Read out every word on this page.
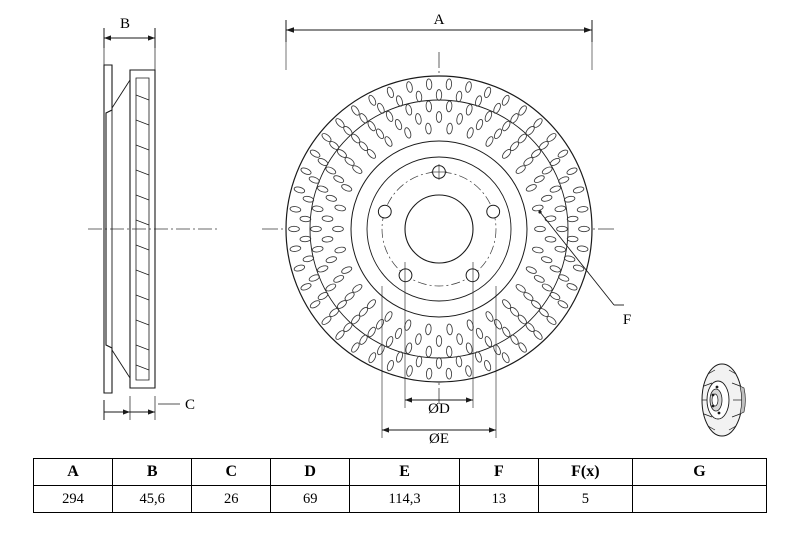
B
C
A
F
ØD
ØE
A	B	C	D	E	F	F(x)	G
294	45,6	26	69	114,3	13	5	
